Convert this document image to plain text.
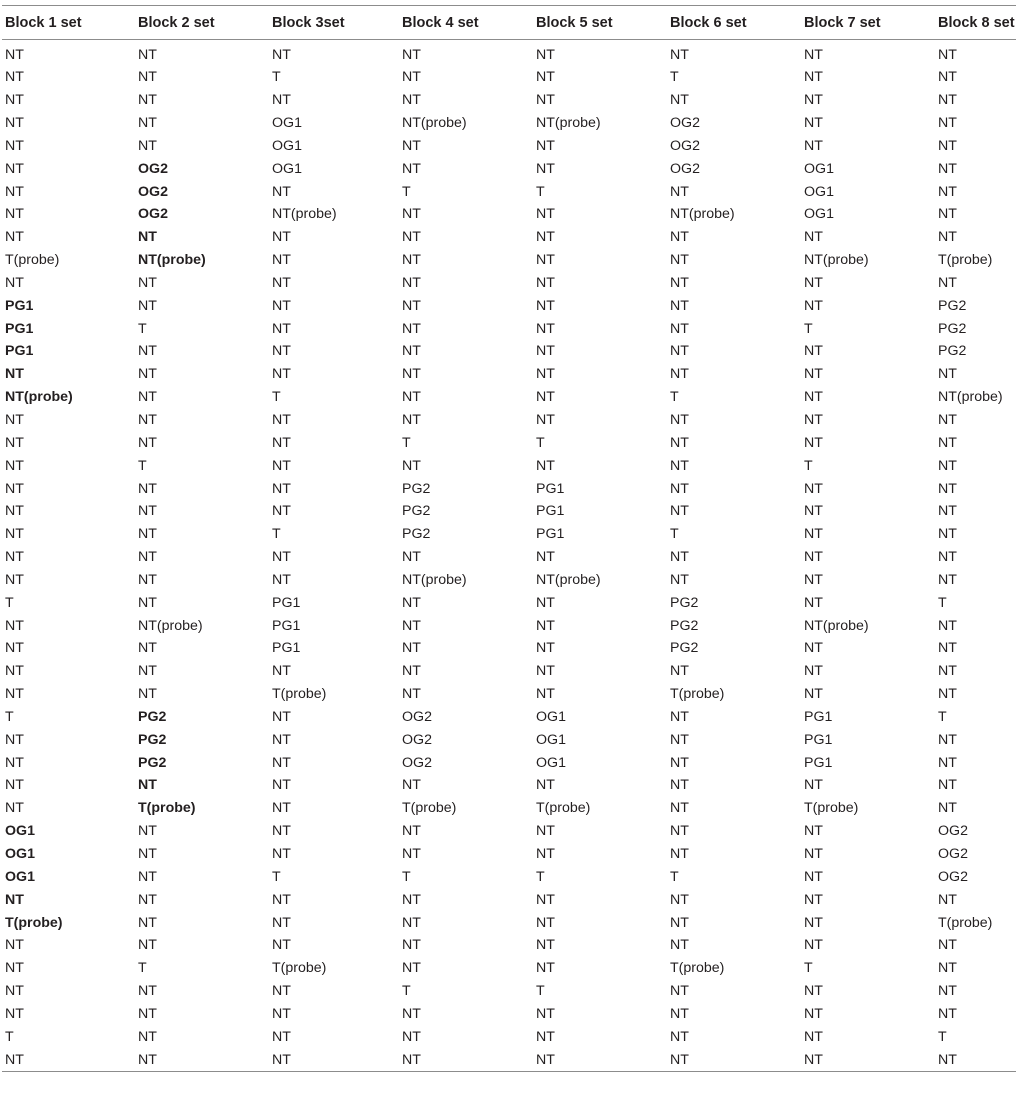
Block 1 set	Block 2 set	Block 3set	Block 4 set	Block 5 set	Block 6 set	Block 7 set	Block 8 set
NT	NT	NT	NT	NT	NT	NT	NT
NT	NT	T	NT	NT	T	NT	NT
NT	NT	NT	NT	NT	NT	NT	NT
NT	NT	OG1	NT(probe)	NT(probe)	OG2	NT	NT
NT	NT	OG1	NT	NT	OG2	NT	NT
NT	OG2	OG1	NT	NT	OG2	OG1	NT
NT	OG2	NT	T	T	NT	OG1	NT
NT	OG2	NT(probe)	NT	NT	NT(probe)	OG1	NT
NT	NT	NT	NT	NT	NT	NT	NT
T(probe)	NT(probe)	NT	NT	NT	NT	NT(probe)	T(probe)
NT	NT	NT	NT	NT	NT	NT	NT
PG1	NT	NT	NT	NT	NT	NT	PG2
PG1	T	NT	NT	NT	NT	T	PG2
PG1	NT	NT	NT	NT	NT	NT	PG2
NT	NT	NT	NT	NT	NT	NT	NT
NT(probe)	NT	T	NT	NT	T	NT	NT(probe)
NT	NT	NT	NT	NT	NT	NT	NT
NT	NT	NT	T	T	NT	NT	NT
NT	T	NT	NT	NT	NT	T	NT
NT	NT	NT	PG2	PG1	NT	NT	NT
NT	NT	NT	PG2	PG1	NT	NT	NT
NT	NT	T	PG2	PG1	T	NT	NT
NT	NT	NT	NT	NT	NT	NT	NT
NT	NT	NT	NT(probe)	NT(probe)	NT	NT	NT
T	NT	PG1	NT	NT	PG2	NT	T
NT	NT(probe)	PG1	NT	NT	PG2	NT(probe)	NT
NT	NT	PG1	NT	NT	PG2	NT	NT
NT	NT	NT	NT	NT	NT	NT	NT
NT	NT	T(probe)	NT	NT	T(probe)	NT	NT
T	PG2	NT	OG2	OG1	NT	PG1	T
NT	PG2	NT	OG2	OG1	NT	PG1	NT
NT	PG2	NT	OG2	OG1	NT	PG1	NT
NT	NT	NT	NT	NT	NT	NT	NT
NT	T(probe)	NT	T(probe)	T(probe)	NT	T(probe)	NT
OG1	NT	NT	NT	NT	NT	NT	OG2
OG1	NT	NT	NT	NT	NT	NT	OG2
OG1	NT	T	T	T	T	NT	OG2
NT	NT	NT	NT	NT	NT	NT	NT
T(probe)	NT	NT	NT	NT	NT	NT	T(probe)
NT	NT	NT	NT	NT	NT	NT	NT
NT	T	T(probe)	NT	NT	T(probe)	T	NT
NT	NT	NT	T	T	NT	NT	NT
NT	NT	NT	NT	NT	NT	NT	NT
T	NT	NT	NT	NT	NT	NT	T
NT	NT	NT	NT	NT	NT	NT	NT
